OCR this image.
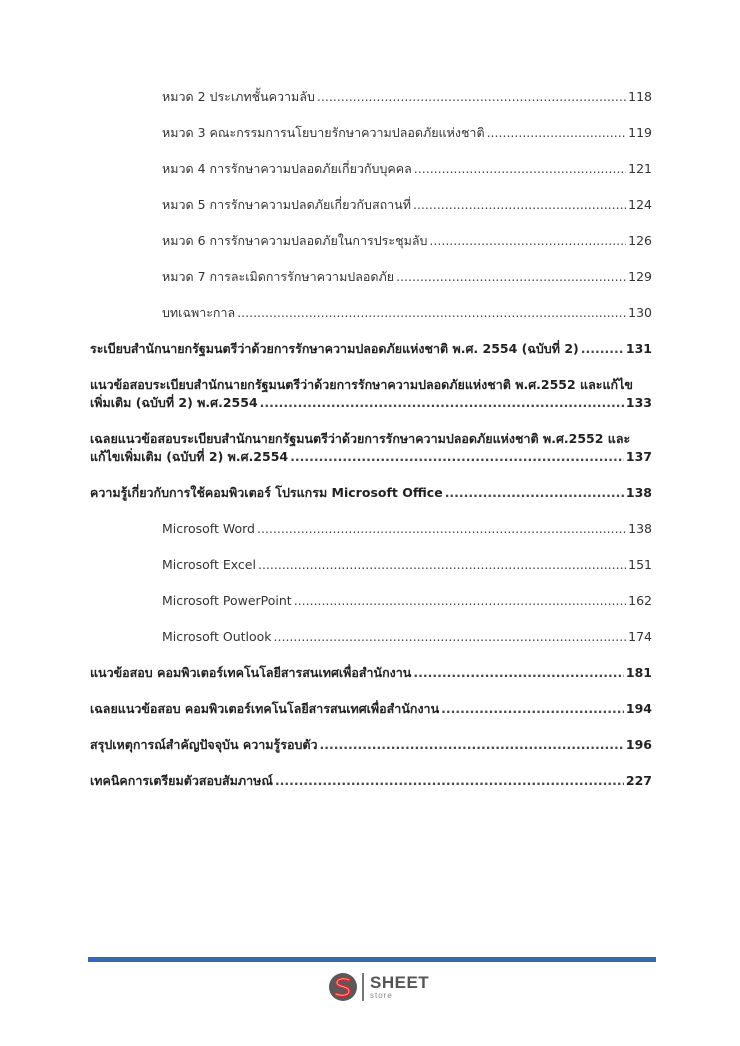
หมวด 2 ประเภทชั้นความลับ .....	118
หมวด 3 คณะกรรมการนโยบายรักษาความปลอดภัยแห่งชาติ .....	119
หมวด 4 การรักษาความปลอดภัยเกี่ยวกับบุคคล .....	121
หมวด 5 การรักษาความปลดภัยเกี่ยวกับสถานที่ .....	124
หมวด 6 การรักษาความปลอดภัยในการประชุมลับ .....	126
หมวด 7 การละเมิดการรักษาความปลอดภัย .....	129
บทเฉพาะกาล .....	130
ระเบียบสำนักนายกรัฐมนตรีว่าด้วยการรักษาความปลอดภัยแห่งชาติ พ.ศ. 2554 (ฉบับที่ 2) .....	131
แนวข้อสอบระเบียบสำนักนายกรัฐมนตรีว่าด้วยการรักษาความปลอดภัยแห่งชาติ พ.ศ.2552 และแก้ไข
เพิ่มเติม (ฉบับที่ 2) พ.ศ.2554 .....	133
เฉลยแนวข้อสอบระเบียบสำนักนายกรัฐมนตรีว่าด้วยการรักษาความปลอดภัยแห่งชาติ พ.ศ.2552 และ
แก้ไขเพิ่มเติม (ฉบับที่ 2) พ.ศ.2554 .....	137
ความรู้เกี่ยวกับการใช้คอมพิวเตอร์ โปรแกรม Microsoft Office .....	138
Microsoft Word .....	138
Microsoft Excel .....	151
Microsoft PowerPoint .....	162
Microsoft Outlook .....	174
แนวข้อสอบ คอมพิวเตอร์เทคโนโลยีสารสนเทศเพื่อสำนักงาน .....	181
เฉลยแนวข้อสอบ คอมพิวเตอร์เทคโนโลยีสารสนเทศเพื่อสำนักงาน .....	194
สรุปเหตุการณ์สำคัญปัจจุบัน ความรู้รอบตัว .....	196
เทคนิคการเตรียมตัวสอบสัมภาษณ์ .....	227
SHEET
store
